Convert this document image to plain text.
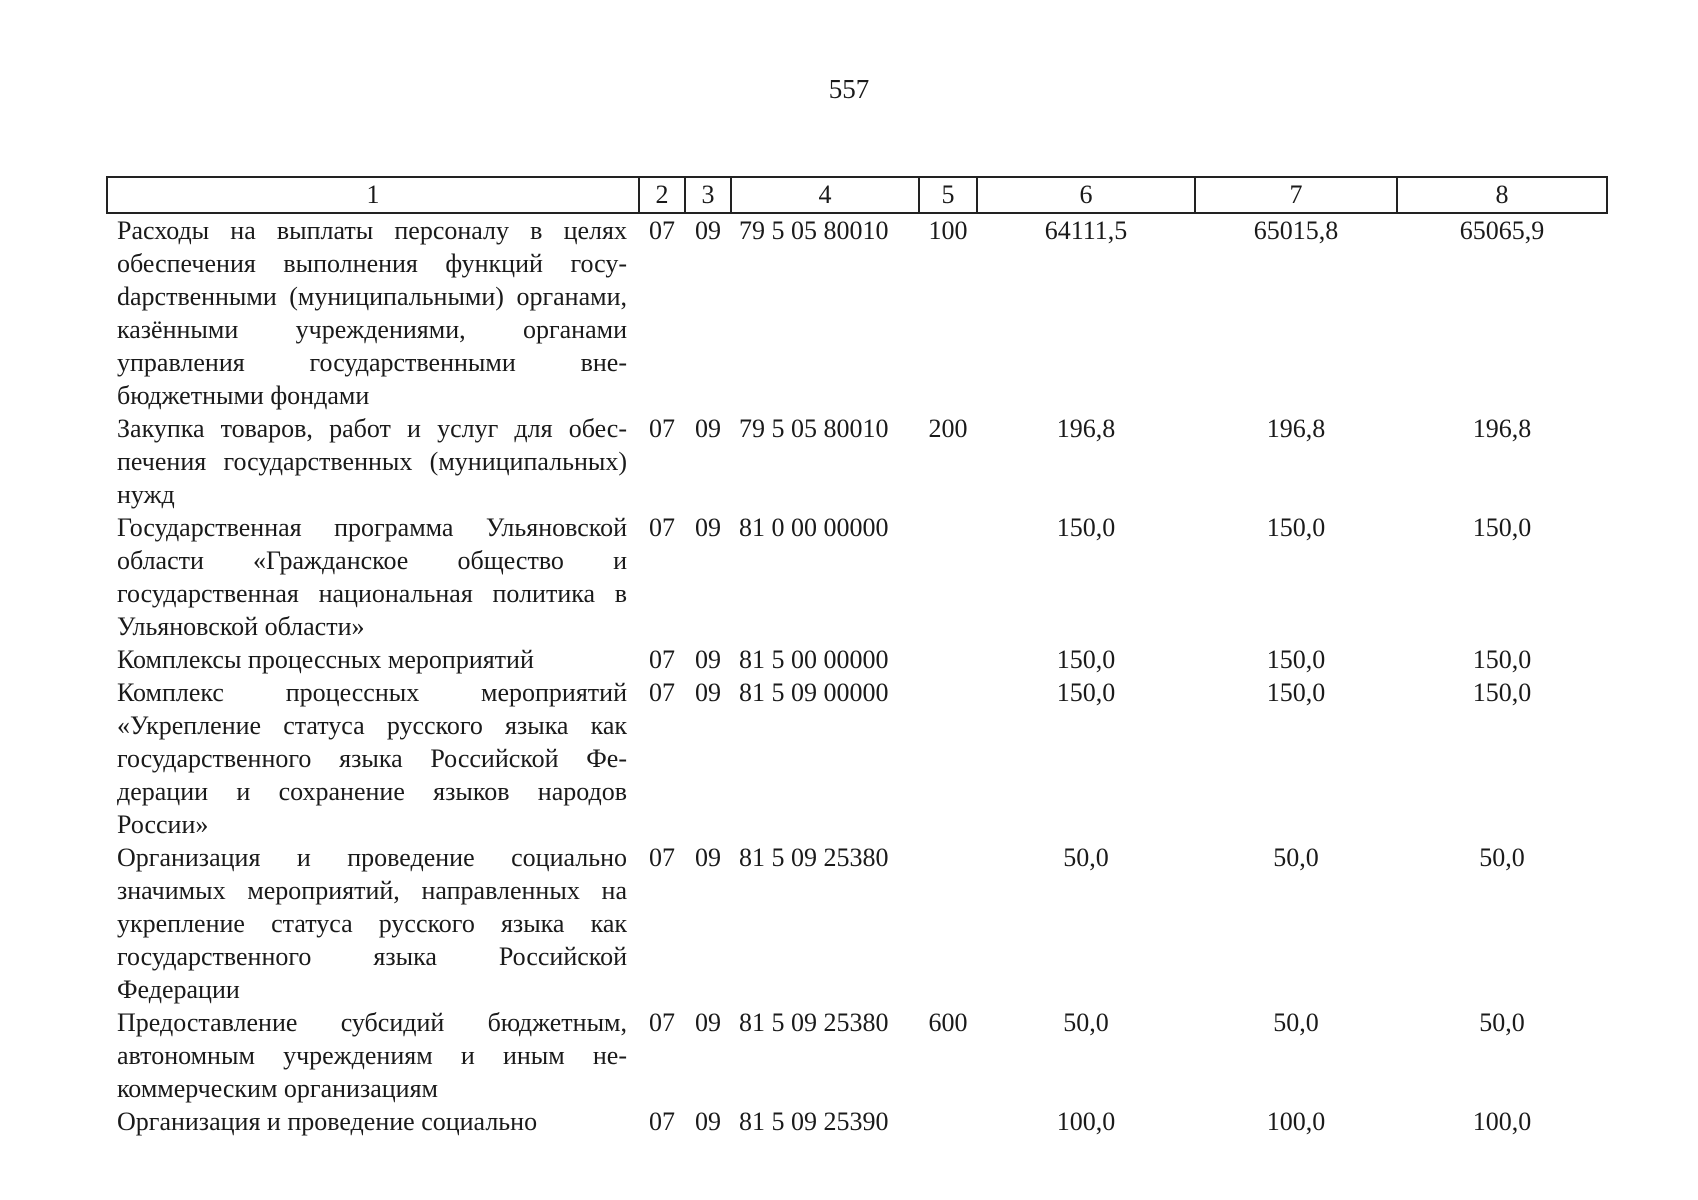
557
1	2	3	4	5	6	7	8
Расходы на выплаты персоналу в целях обеспечения выполнения функций госуdарственными (муниципальными) органами, казёнными учреждениями, органами управления государственными внебюджетными фондами	07	09	79 5 05 80010	100	64111,5	65015,8	65065,9
Закупка товаров, работ и услуг для обеспечения государственных (муниципальных) нужд	07	09	79 5 05 80010	200	196,8	196,8	196,8
Государственная программа Ульяновской области «Гражданское общество и государственная национальная политика в Ульяновской области»	07	09	81 0 00 00000		150,0	150,0	150,0
Комплексы процессных мероприятий	07	09	81 5 00 00000		150,0	150,0	150,0
Комплекс процессных мероприятий «Укрепление статуса русского языка как государственного языка Российской Федерации и сохранение языков народов России»	07	09	81 5 09 00000		150,0	150,0	150,0
Организация и проведение социально значимых мероприятий, направленных на укрепление статуса русского языка как государственного языка Российской Федерации	07	09	81 5 09 25380		50,0	50,0	50,0
Предоставление субсидий бюджетным, автономным учреждениям и иным некоммерческим организациям	07	09	81 5 09 25380	600	50,0	50,0	50,0
Организация и проведение социально	07	09	81 5 09 25390		100,0	100,0	100,0
